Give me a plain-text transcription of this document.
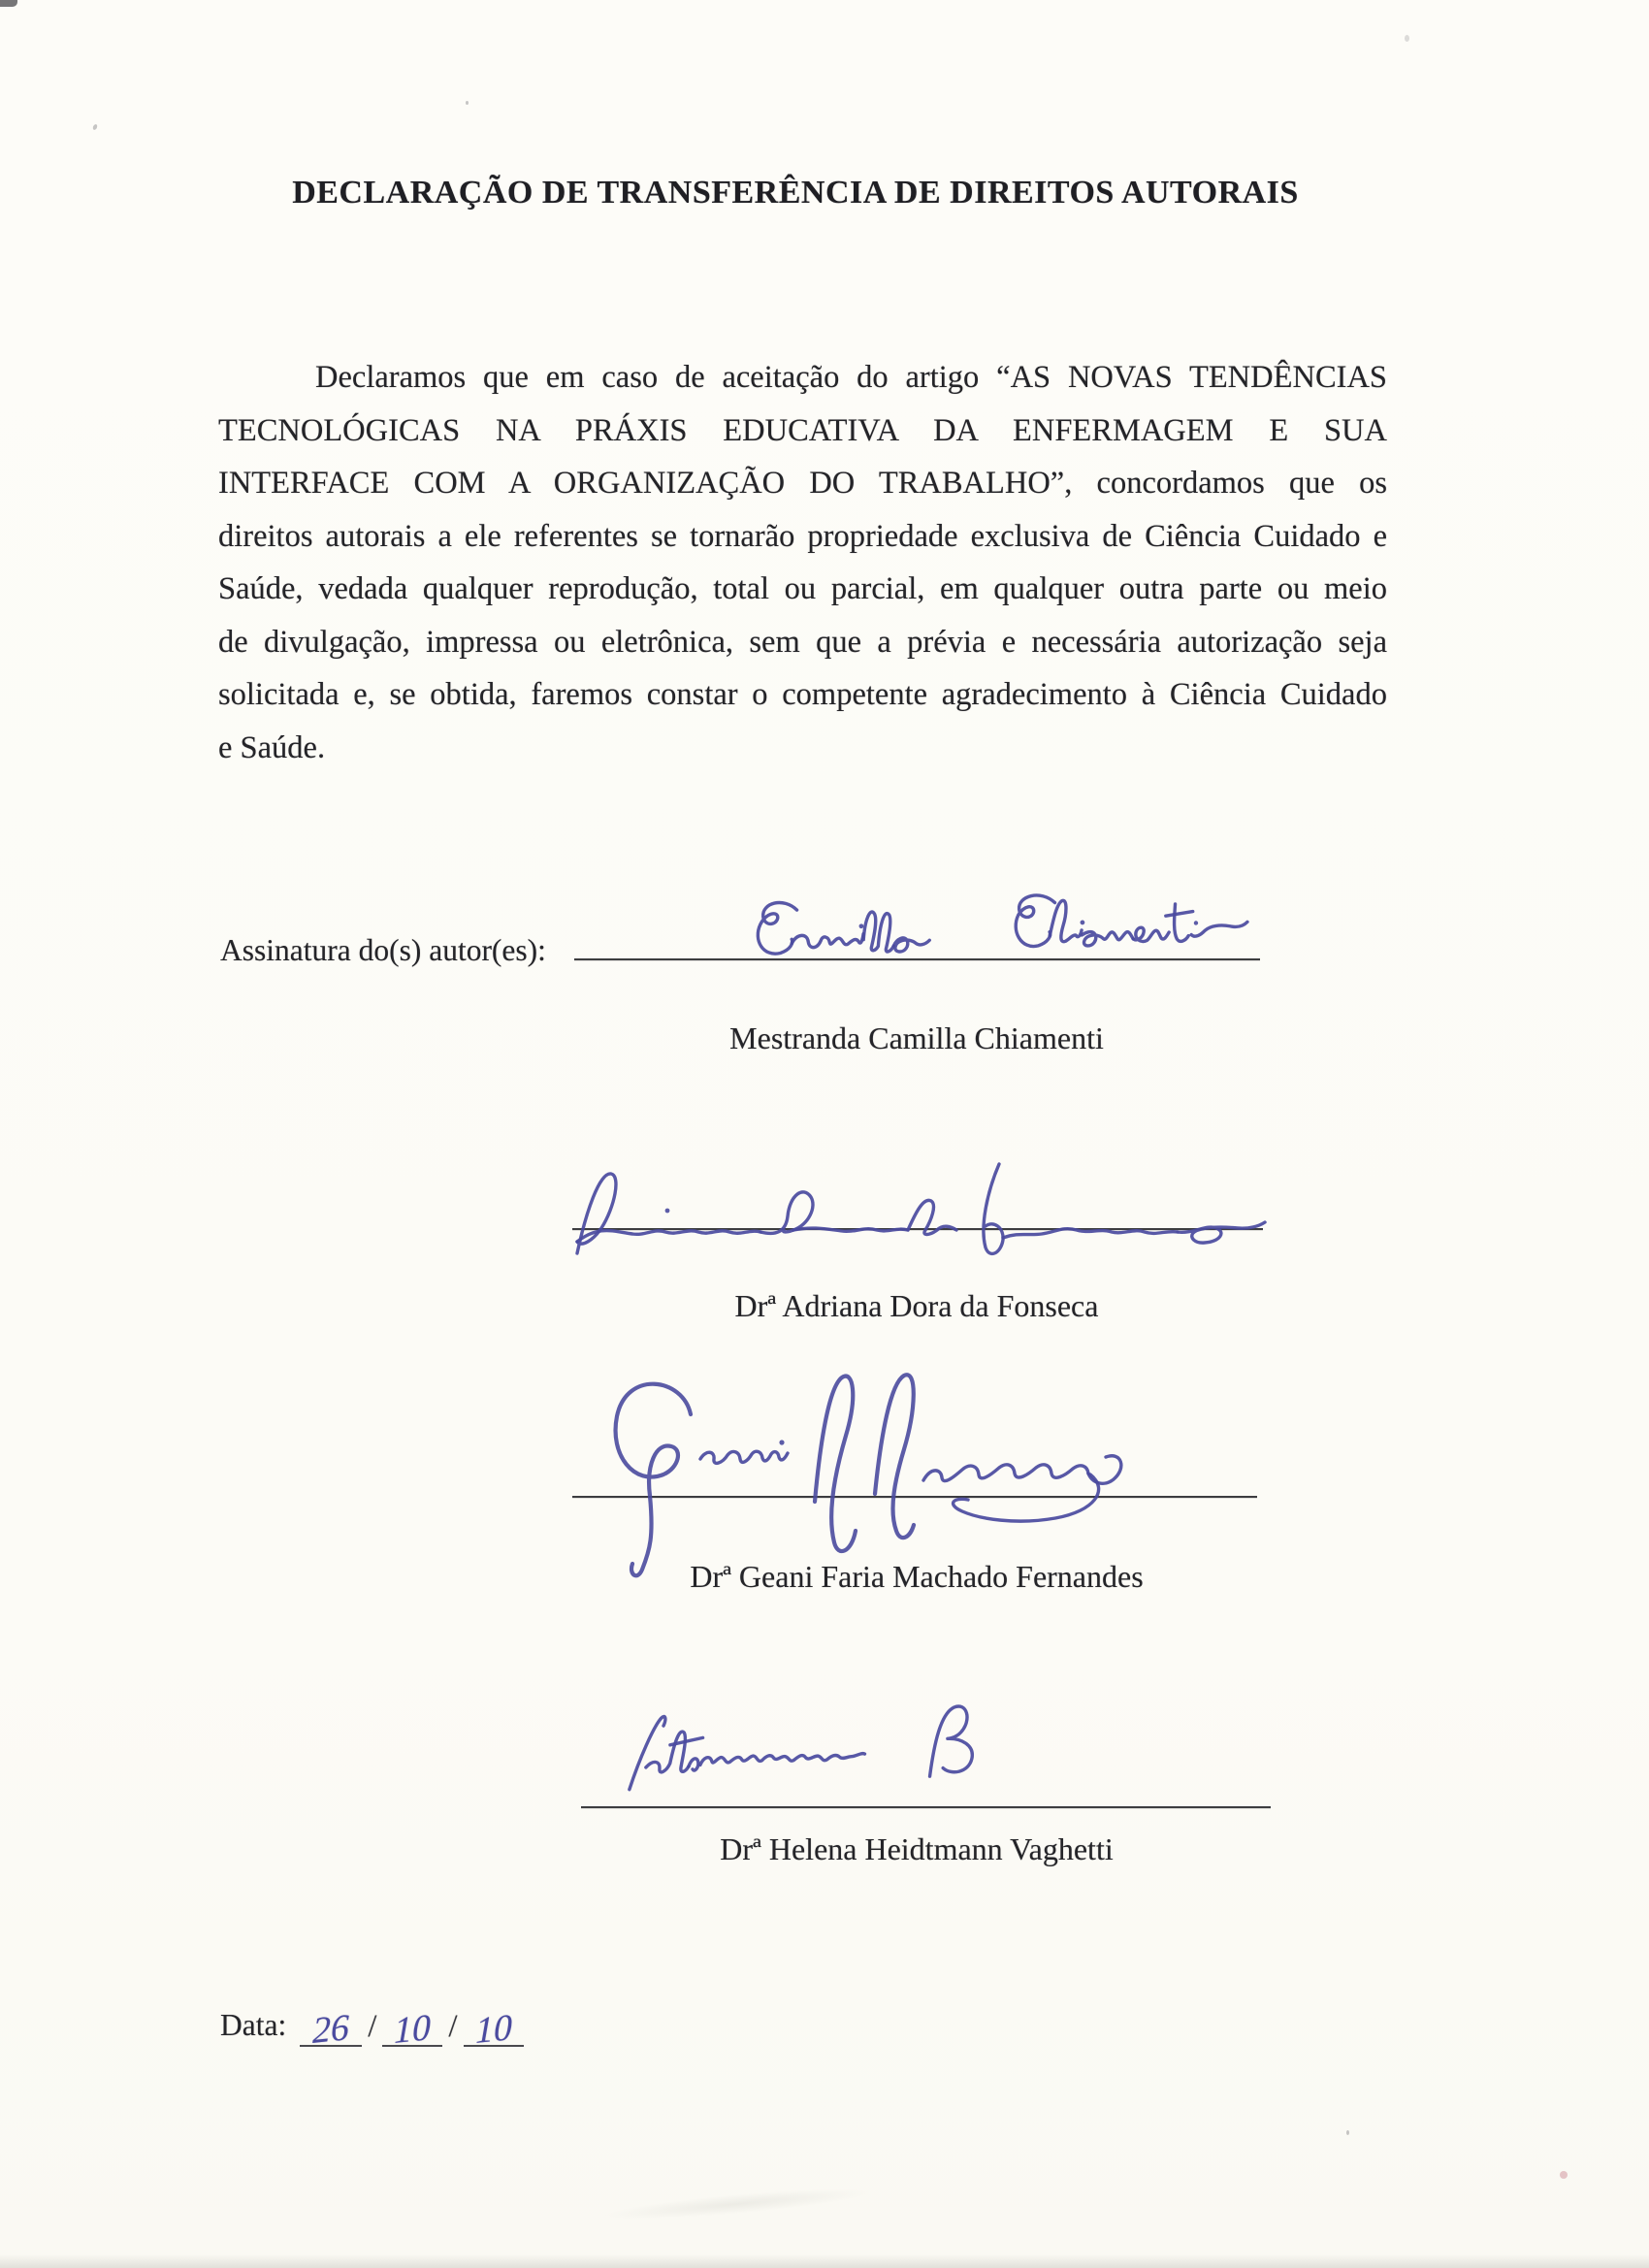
DECLARAÇÃO DE TRANSFERÊNCIA DE DIREITOS AUTORAIS
Declaramos que em caso de aceitação do artigo “AS NOVAS TENDÊNCIAS
TECNOLÓGICAS NA PRÁXIS EDUCATIVA DA ENFERMAGEM E SUA
INTERFACE COM A ORGANIZAÇÃO DO TRABALHO”, concordamos que os
direitos autorais a ele referentes se tornarão propriedade exclusiva de Ciência Cuidado e
Saúde, vedada qualquer reprodução, total ou parcial, em qualquer outra parte ou meio
de divulgação, impressa ou eletrônica, sem que a prévia e necessária autorização seja
solicitada e, se obtida, faremos constar o competente agradecimento à Ciência Cuidado
e Saúde.
Assinatura do(s) autor(es):
Mestranda Camilla Chiamenti
Drª Adriana Dora da Fonseca
Drª Geani Faria Machado Fernandes
Drª Helena Heidtmann Vaghetti
Data: 26 / 10 / 10
